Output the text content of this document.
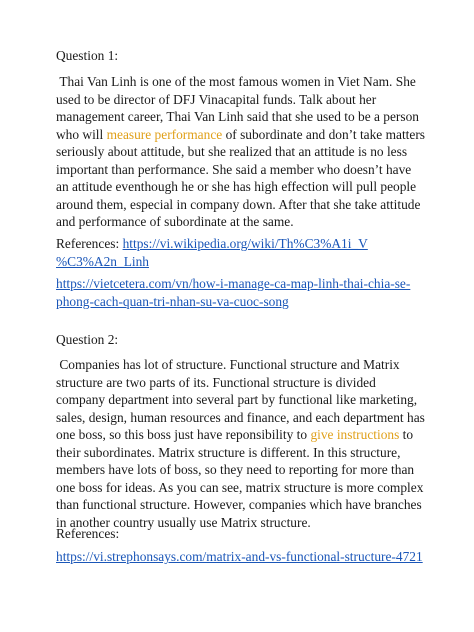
Question 1:

Thai Van Linh is one of the most famous women in Viet Nam. She used to be director of DFJ Vinacapital funds. Talk about her management career, Thai Van Linh said that she used to be a person who will measure performance of subordinate and don’t take matters seriously about attitude, but she realized that an attitude is no less important than performance. She said a member who doesn’t have an attitude eventhough he or she has high effection will pull people around them, especial in company down. After that she take attitude and performance of subordinate at the same.

References: https://vi.wikipedia.org/wiki/Th%C3%A1i_V
%C3%A2n_Linh
https://vietcetera.com/vn/how-i-manage-ca-map-linh-thai-chia-se-
phong-cach-quan-tri-nhan-su-va-cuoc-song
Question 2:

Companies has lot of structure. Functional structure and Matrix structure are two parts of its. Functional structure is divided company department into several part by functional like marketing, sales, design, human resources and finance, and each department has one boss, so this boss just have reponsibility to give instructions to their subordinates. Matrix structure is different. In this structure, members have lots of boss, so they need to reporting for more than one boss for ideas. As you can see, matrix structure is more complex than functional structure. However, companies which have branches in another country usually use Matrix structure.

References:
https://vi.strephonsays.com/matrix-and-vs-functional-structure-4721
